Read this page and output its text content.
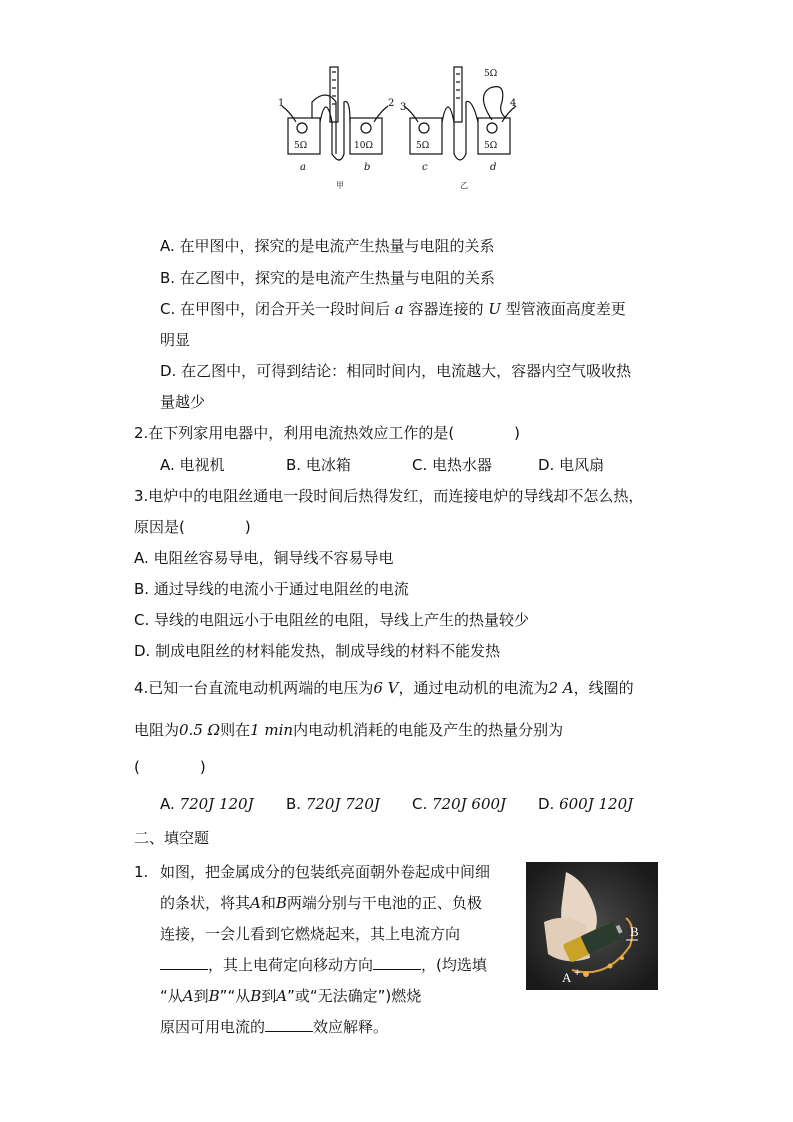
1	2 3	4
5Ω	10Ω	5Ω	5Ω
5Ω
a	b	c	d
甲	乙
A. 在甲图中，探究的是电流产生热量与电阻的关系
B. 在乙图中，探究的是电流产生热量与电阻的关系
C. 在甲图中，闭合开关一段时间后 a 容器连接的 U 型管液面高度差更
明显
D. 在乙图中，可得到结论：相同时间内，电流越大，容器内空气吸收热
量越少
2.在下列家用电器中，利用电流热效应工作的是(　　　　)
A. 电视机	B. 电冰箱	C. 电热水器	D. 电风扇
3.电炉中的电阻丝通电一段时间后热得发红，而连接电炉的导线却不怎么热，
原因是(　　　　)
A. 电阻丝容易导电，铜导线不容易导电
B. 通过导线的电流小于通过电阻丝的电流
C. 导线的电阻远小于电阻丝的电阻，导线上产生的热量较少
D. 制成电阻丝的材料能发热，制成导线的材料不能发热
4.已知一台直流电动机两端的电压为6 V，通过电动机的电流为2 A，线圈的
电阻为0.5 Ω则在1 min内电动机消耗的电能及产生的热量分别为
(　　　　)
A. 720J 120J B. 720J 720J C. 720J 600J D. 600J 120J
二、填空题
1. 如图，把金属成分的包装纸亮面朝外卷起成中间细
的条状，将其A和B两端分别与干电池的正、负极
连接，一会儿看到它燃烧起来，其上电流方向
，其上电荷定向移动方向	，(均选填
“从A到B”“从B到A”或“无法确定”)燃烧
原因可用电流的	效应解释。
A +
B
